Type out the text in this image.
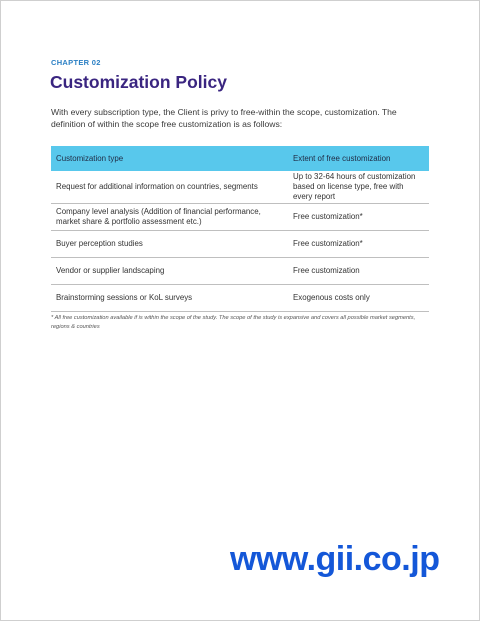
CHAPTER 02
Customization Policy

With every subscription type, the Client is privy to free-within the scope, customization. The definition of within the scope free customization is as follows:

Customization type	Extent of free customization
Request for additional information on countries, segments	Up to 32-64 hours of customization based on license type, free with every report
Company level analysis (Addition of financial performance, market share & portfolio assessment etc.)	Free customization*
Buyer perception studies	Free customization*
Vendor or supplier landscaping	Free customization
Brainstorming sessions or KoL surveys	Exogenous costs only

* All free customization available if is within the scope of the study. The scope of the study is expansive and covers all possible market segments, regions & countries

www.gii.co.jp
